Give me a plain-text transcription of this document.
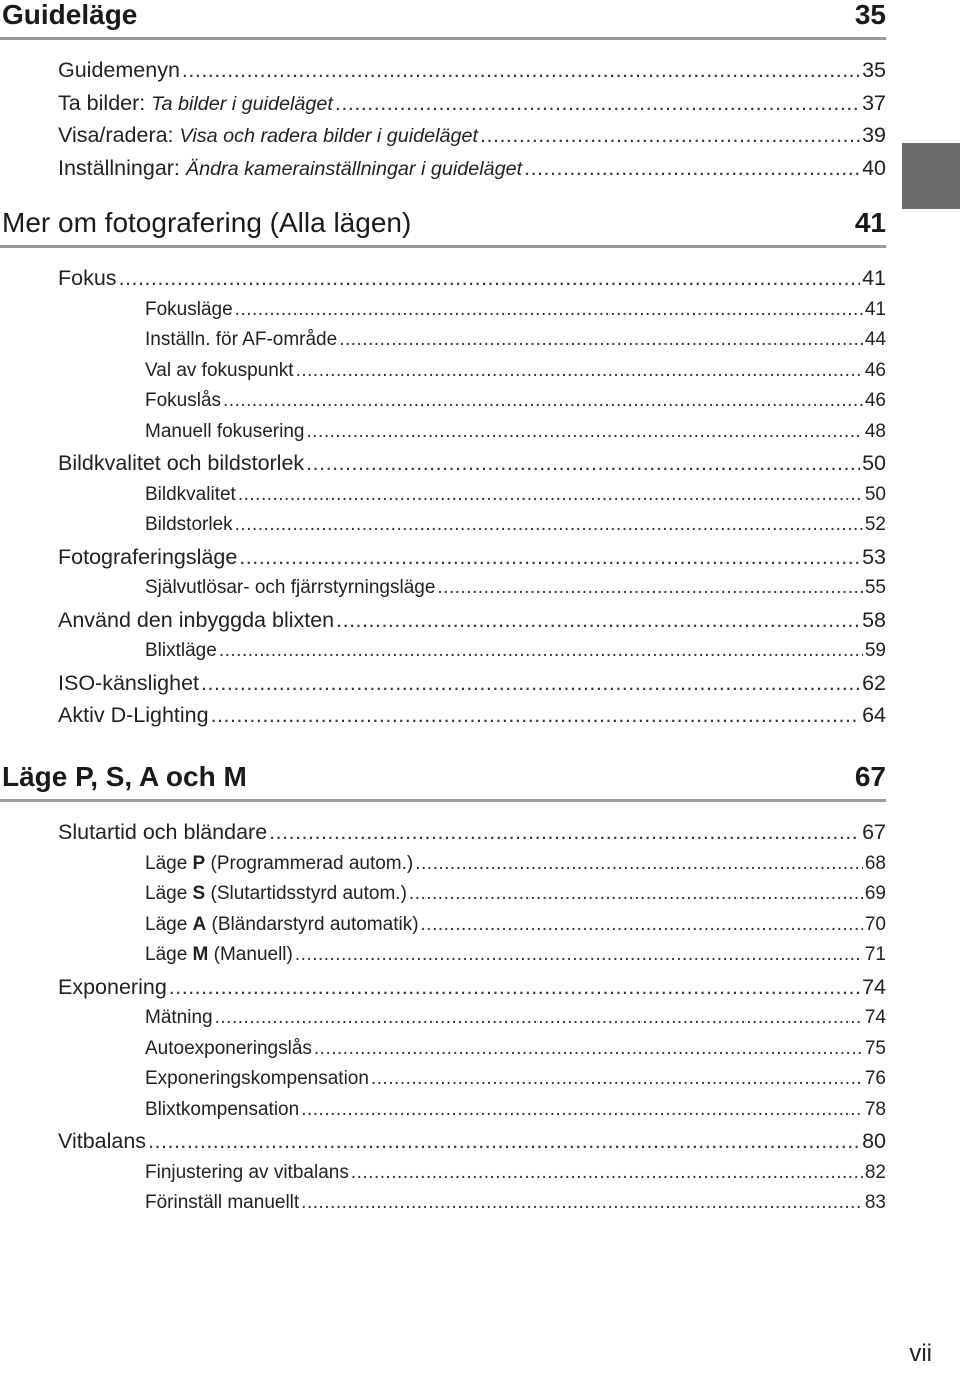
Guideläge	35
Guidemenyn .....	35
Ta bilder: Ta bilder i guideläget .....	37
Visa/radera: Visa och radera bilder i guideläget .....	39
Inställningar: Ändra kamerainställningar i guideläget .....	40
Mer om fotografering (Alla lägen)	41
Fokus .....	41
Fokusläge .....	41
Inställn. för AF-område .....	44
Val av fokuspunkt .....	46
Fokuslås .....	46
Manuell fokusering .....	48
Bildkvalitet och bildstorlek .....	50
Bildkvalitet .....	50
Bildstorlek .....	52
Fotograferingsläge .....	53
Självutlösar- och fjärrstyrningsläge .....	55
Använd den inbyggda blixten .....	58
Blixtläge .....	59
ISO-känslighet .....	62
Aktiv D-Lighting .....	64
Läge P, S, A och M	67
Slutartid och bländare .....	67
Läge P (Programmerad autom.) .....	68
Läge S (Slutartidsstyrd autom.) .....	69
Läge A (Bländarstyrd automatik) .....	70
Läge M (Manuell) .....	71
Exponering .....	74
Mätning .....	74
Autoexponeringslås .....	75
Exponeringskompensation .....	76
Blixtkompensation .....	78
Vitbalans .....	80
Finjustering av vitbalans .....	82
Förinställ manuellt .....	83
vii
